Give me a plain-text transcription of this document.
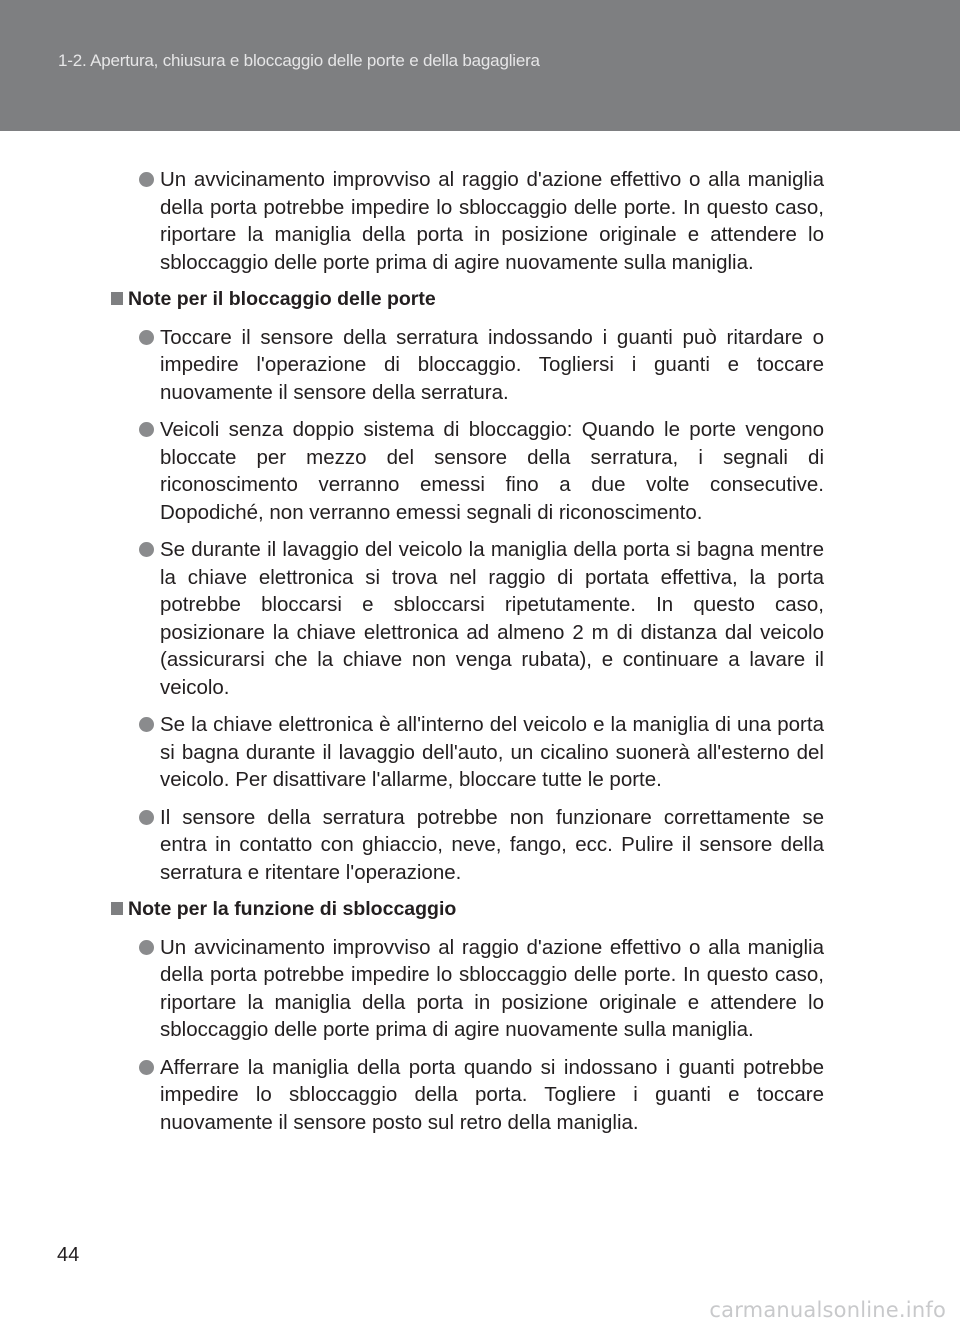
1-2. Apertura, chiusura e bloccaggio delle porte e della bagagliera
Un avvicinamento improvviso al raggio d'azione effettivo o alla maniglia della porta potrebbe impedire lo sbloccaggio delle porte. In questo caso, riportare la maniglia della porta in posizione originale e attendere lo sbloccaggio delle porte prima di agire nuovamente sulla maniglia.
Note per il bloccaggio delle porte
Toccare il sensore della serratura indossando i guanti può ritardare o impedire l'operazione di bloccaggio. Togliersi i guanti e toccare nuovamente il sensore della serratura.
Veicoli senza doppio sistema di bloccaggio: Quando le porte vengono bloccate per mezzo del sensore della serratura, i segnali di riconoscimento verranno emessi fino a due volte consecutive. Dopodiché, non verranno emessi segnali di riconoscimento.
Se durante il lavaggio del veicolo la maniglia della porta si bagna mentre la chiave elettronica si trova nel raggio di portata effettiva, la porta potrebbe bloccarsi e sbloccarsi ripetutamente. In questo caso, posizionare la chiave elettronica ad almeno 2 m di distanza dal veicolo (assicurarsi che la chiave non venga rubata), e continuare a lavare il veicolo.
Se la chiave elettronica è all'interno del veicolo e la maniglia di una porta si bagna durante il lavaggio dell'auto, un cicalino suonerà all'esterno del veicolo. Per disattivare l'allarme, bloccare tutte le porte.
Il sensore della serratura potrebbe non funzionare correttamente se entra in contatto con ghiaccio, neve, fango, ecc. Pulire il sensore della serratura e ritentare l'operazione.
Note per la funzione di sbloccaggio
Un avvicinamento improvviso al raggio d'azione effettivo o alla maniglia della porta potrebbe impedire lo sbloccaggio delle porte. In questo caso, riportare la maniglia della porta in posizione originale e attendere lo sbloccaggio delle porte prima di agire nuovamente sulla maniglia.
Afferrare la maniglia della porta quando si indossano i guanti potrebbe impedire lo sbloccaggio della porta. Togliere i guanti e toccare nuovamente il sensore posto sul retro della maniglia.
44
carmanualsonline.info
